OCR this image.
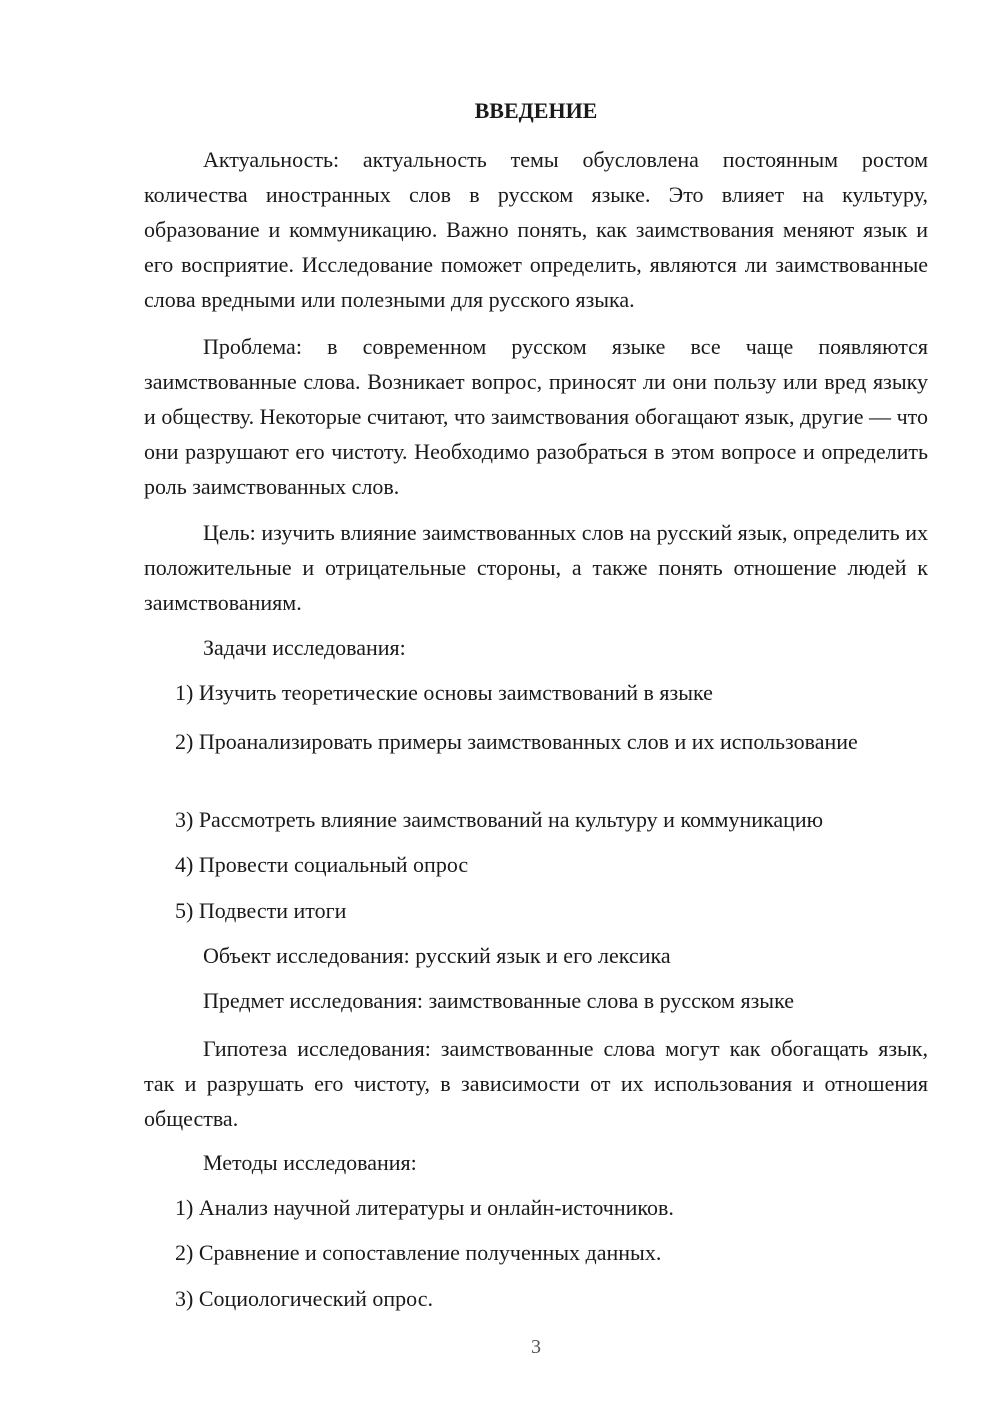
ВВЕДЕНИЕ

Актуальность: актуальность темы обусловлена постоянным ростом количества иностранных слов в русском языке. Это влияет на культуру, образование и коммуникацию. Важно понять, как заимствования меняют язык и его восприятие. Исследование поможет определить, являются ли заимствованные слова вредными или полезными для русского языка.

Проблема: в современном русском языке все чаще появляются заимствованные слова. Возникает вопрос, приносят ли они пользу или вред языку и обществу. Некоторые считают, что заимствования обогащают язык, другие — что они разрушают его чистоту. Необходимо разобраться в этом вопросе и определить роль заимствованных слов.

Цель: изучить влияние заимствованных слов на русский язык, определить их положительные и отрицательные стороны, а также понять отношение людей к заимствованиям.

Задачи исследования:

1) Изучить теоретические основы заимствований в языке

2) Проанализировать примеры заимствованных слов и их использование

3) Рассмотреть влияние заимствований на культуру и коммуникацию

4) Провести социальный опрос

5) Подвести итоги

Объект исследования: русский язык и его лексика

Предмет исследования: заимствованные слова в русском языке

Гипотеза исследования: заимствованные слова могут как обогащать язык, так и разрушать его чистоту, в зависимости от их использования и отношения общества.

Методы исследования:

1) Анализ научной литературы и онлайн-источников.

2) Сравнение и сопоставление полученных данных.

3) Социологический опрос.

3
